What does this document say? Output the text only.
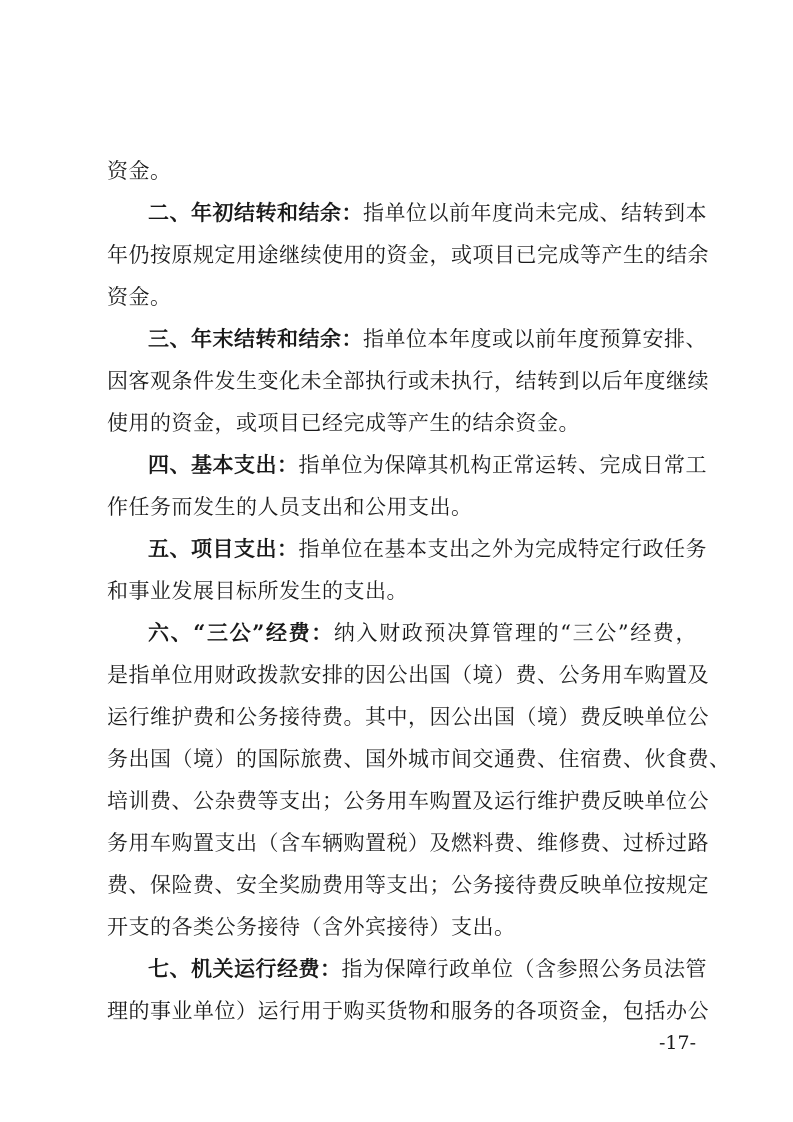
资金。
二、年初结转和结余：指单位以前年度尚未完成、结转到本
年仍按原规定用途继续使用的资金，或项目已完成等产生的结余
资金。
三、年末结转和结余：指单位本年度或以前年度预算安排、
因客观条件发生变化未全部执行或未执行，结转到以后年度继续
使用的资金，或项目已经完成等产生的结余资金。
四、基本支出：指单位为保障其机构正常运转、完成日常工
作任务而发生的人员支出和公用支出。
五、项目支出：指单位在基本支出之外为完成特定行政任务
和事业发展目标所发生的支出。
六、“三公”经费：纳入财政预决算管理的“三公”经费，
是指单位用财政拨款安排的因公出国（境）费、公务用车购置及
运行维护费和公务接待费。其中，因公出国（境）费反映单位公
务出国（境）的国际旅费、国外城市间交通费、住宿费、伙食费、
培训费、公杂费等支出；公务用车购置及运行维护费反映单位公
务用车购置支出（含车辆购置税）及燃料费、维修费、过桥过路
费、保险费、安全奖励费用等支出；公务接待费反映单位按规定
开支的各类公务接待（含外宾接待）支出。
七、机关运行经费：指为保障行政单位（含参照公务员法管
理的事业单位）运行用于购买货物和服务的各项资金，包括办公
-17-
